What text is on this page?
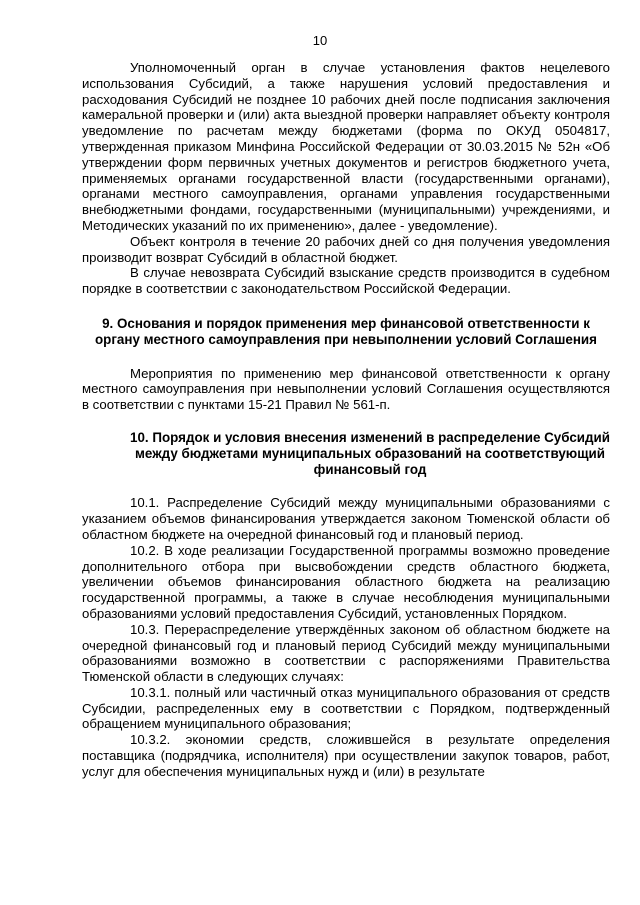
10

Уполномоченный орган в случае установления фактов нецелевого использования Субсидий, а также нарушения условий предоставления и расходования Субсидий не позднее 10 рабочих дней после подписания заключения камеральной проверки и (или) акта выездной проверки направляет объекту контроля уведомление по расчетам между бюджетами (форма по ОКУД 0504817, утвержденная приказом Минфина Российской Федерации от 30.03.2015 № 52н «Об утверждении форм первичных учетных документов и регистров бюджетного учета, применяемых органами государственной власти (государственными органами), органами местного самоуправления, органами управления государственными внебюджетными фондами, государственными (муниципальными) учреждениями, и Методических указаний по их применению», далее - уведомление).

Объект контроля в течение 20 рабочих дней со дня получения уведомления производит возврат Субсидий в областной бюджет.

В случае невозврата Субсидий взыскание средств производится в судебном порядке в соответствии с законодательством Российской Федерации.

9. Основания и порядок применения мер финансовой ответственности к органу местного самоуправления при невыполнении условий Соглашения

Мероприятия по применению мер финансовой ответственности к органу местного самоуправления при невыполнении условий Соглашения осуществляются в соответствии с пунктами 15-21 Правил № 561-п.

10. Порядок и условия внесения изменений в распределение Субсидий между бюджетами муниципальных образований на соответствующий финансовый год

10.1. Распределение Субсидий между муниципальными образованиями с указанием объемов финансирования утверждается законом Тюменской области об областном бюджете на очередной финансовый год и плановый период.

10.2. В ходе реализации Государственной программы возможно проведение дополнительного отбора при высвобождении средств областного бюджета, увеличении объемов финансирования областного бюджета на реализацию государственной программы, а также в случае несоблюдения муниципальными образованиями условий предоставления Субсидий, установленных Порядком.

10.3. Перераспределение утверждённых законом об областном бюджете на очередной финансовый год и плановый период Субсидий между муниципальными образованиями возможно в соответствии с распоряжениями Правительства Тюменской области в следующих случаях:

10.3.1. полный или частичный отказ муниципального образования от средств Субсидии, распределенных ему в соответствии с Порядком, подтвержденный обращением муниципального образования;

10.3.2. экономии средств, сложившейся в результате определения поставщика (подрядчика, исполнителя) при осуществлении закупок товаров, работ, услуг для обеспечения муниципальных нужд и (или) в результате
